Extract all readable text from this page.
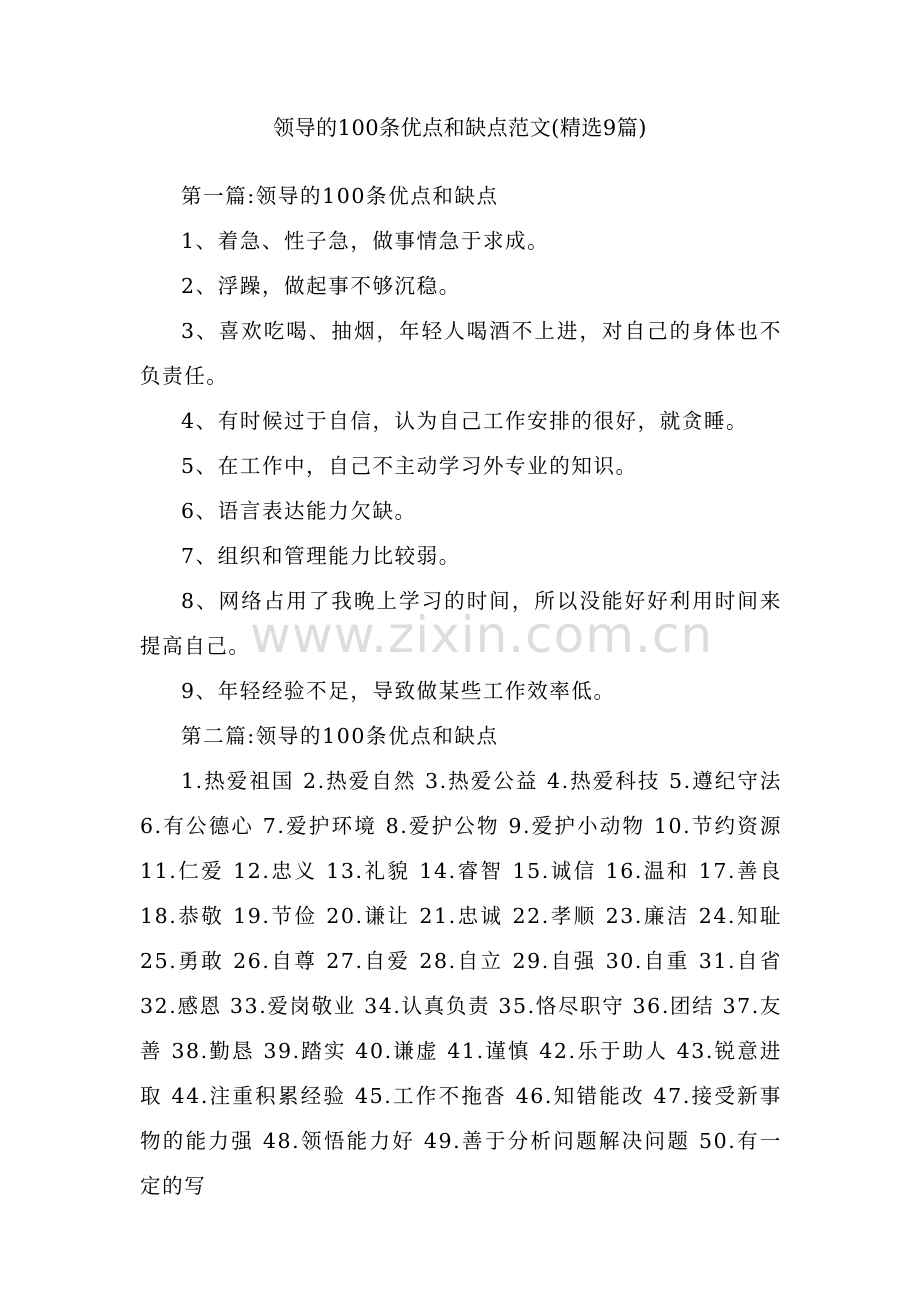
领导的100条优点和缺点范文(精选9篇)

第一篇:领导的100条优点和缺点

1、着急、性子急，做事情急于求成。

2、浮躁，做起事不够沉稳。

3、喜欢吃喝、抽烟，年轻人喝酒不上进，对自己的身体也不负责任。

4、有时候过于自信，认为自己工作安排的很好，就贪睡。

5、在工作中，自己不主动学习外专业的知识。

6、语言表达能力欠缺。

7、组织和管理能力比较弱。

8、网络占用了我晚上学习的时间，所以没能好好利用时间来提高自己。

9、年轻经验不足，导致做某些工作效率低。

第二篇:领导的100条优点和缺点

1.热爱祖国 2.热爱自然 3.热爱公益 4.热爱科技 5.遵纪守法 6.有公德心 7.爱护环境 8.爱护公物 9.爱护小动物 10.节约资源 11.仁爱 12.忠义 13.礼貌 14.睿智 15.诚信 16.温和 17.善良 18.恭敬 19.节俭 20.谦让 21.忠诚 22.孝顺 23.廉洁 24.知耻 25.勇敢 26.自尊 27.自爱 28.自立 29.自强 30.自重 31.自省 32.感恩 33.爱岗敬业 34.认真负责 35.恪尽职守 36.团结 37.友善 38.勤恳 39.踏实 40.谦虚 41.谨慎 42.乐于助人 43.锐意进取 44.注重积累经验 45.工作不拖沓 46.知错能改 47.接受新事物的能力强 48.领悟能力好 49.善于分析问题解决问题 50.有一定的写

www.zixin.com.cn
